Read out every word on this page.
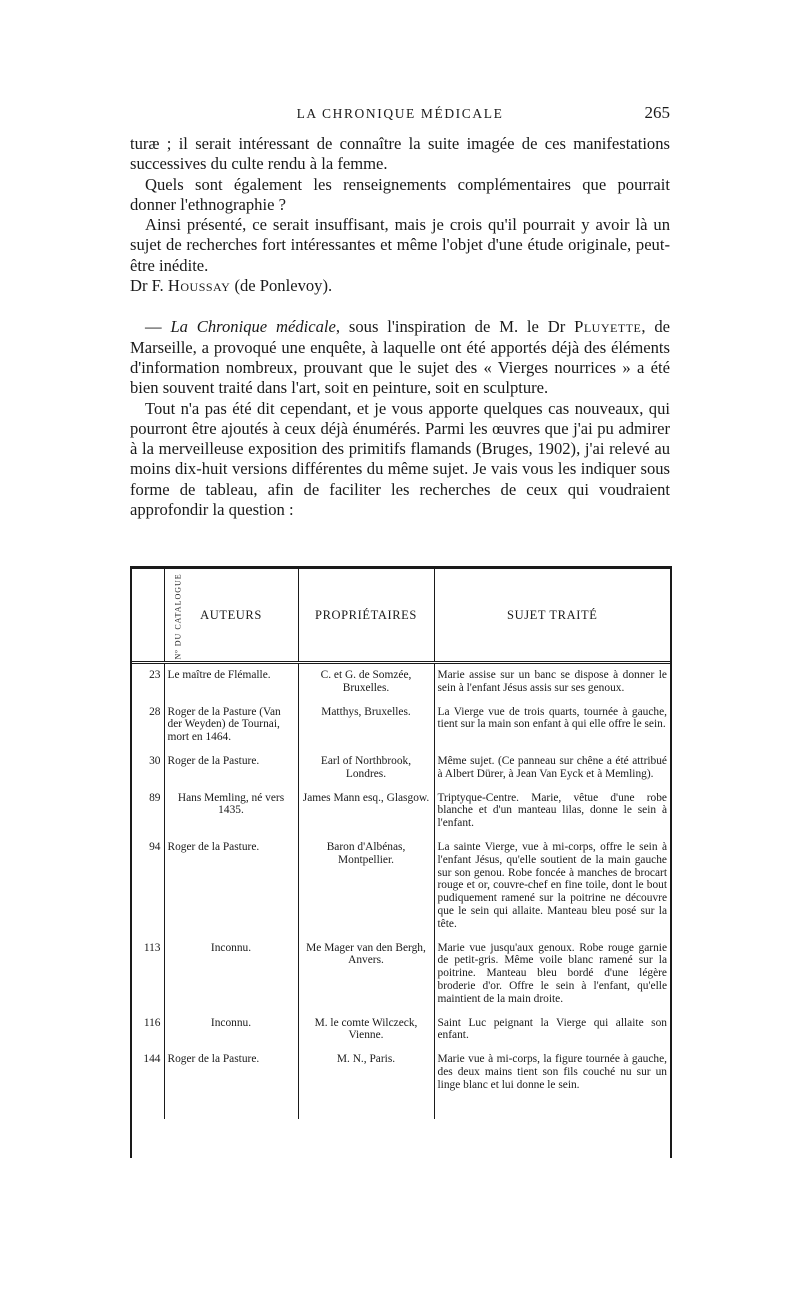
LA CHRONIQUE MÉDICALE	265

turæ ; il serait intéressant de connaître la suite imagée de ces manifestations successives du culte rendu à la femme.

Quels sont également les renseignements complémentaires que pourrait donner l'ethnographie ?

Ainsi présenté, ce serait insuffisant, mais je crois qu'il pourrait y avoir là un sujet de recherches fort intéressantes et même l'objet d'une étude originale, peut-être inédite.

Dr F. Houssay (de Ponlevoy).

— La Chronique médicale, sous l'inspiration de M. le Dr Pluyette, de Marseille, a provoqué une enquête, à laquelle ont été apportés déjà des éléments d'information nombreux, prouvant que le sujet des « Vierges nourrices » a été bien souvent traité dans l'art, soit en peinture, soit en sculpture.

Tout n'a pas été dit cependant, et je vous apporte quelques cas nouveaux, qui pourront être ajoutés à ceux déjà énumérés. Parmi les œuvres que j'ai pu admirer à la merveilleuse exposition des primitifs flamands (Bruges, 1902), j'ai relevé au moins dix-huit versions différentes du même sujet. Je vais vous les indiquer sous forme de tableau, afin de faciliter les recherches de ceux qui voudraient approfondir la question :

Nº DU CATALOGUE	AUTEURS	PROPRIÉTAIRES	SUJET TRAITÉ
23	Le maître de Flémalle.	C. et G. de Somzée, Bruxelles.	Marie assise sur un banc se dispose à donner le sein à l'enfant Jésus assis sur ses genoux.
28	Roger de la Pasture (Van der Weyden) de Tournai, mort en 1464.	Matthys, Bruxelles.	La Vierge vue de trois quarts, tournée à gauche, tient sur la main son enfant à qui elle offre le sein.
30	Roger de la Pasture.	Earl of Northbrook, Londres.	Même sujet. (Ce panneau sur chêne a été attribué à Albert Dürer, à Jean Van Eyck et à Memling).
89	Hans Memling, né vers 1435.	James Mann esq., Glasgow.	Triptyque-Centre. Marie, vêtue d'une robe blanche et d'un manteau lilas, donne le sein à l'enfant.
94	Roger de la Pasture.	Baron d'Albénas, Montpellier.	La sainte Vierge, vue à mi-corps, offre le sein à l'enfant Jésus, qu'elle soutient de la main gauche sur son genou. Robe foncée à manches de brocart rouge et or, couvre-chef en fine toile, dont le bout pudiquement ramené sur la poitrine ne découvre que le sein qui allaite. Manteau bleu posé sur la tête.
113	Inconnu.	Me Mager van den Bergh, Anvers.	Marie vue jusqu'aux genoux. Robe rouge garnie de petit-gris. Même voile blanc ramené sur la poitrine. Manteau bleu bordé d'une légère broderie d'or. Offre le sein à l'enfant, qu'elle maintient de la main droite.
116	Inconnu.	M. le comte Wilczeck, Vienne.	Saint Luc peignant la Vierge qui allaite son enfant.
144	Roger de la Pasture.	M. N., Paris.	Marie vue à mi-corps, la figure tournée à gauche, des deux mains tient son fils couché nu sur un linge blanc et lui donne le sein.
